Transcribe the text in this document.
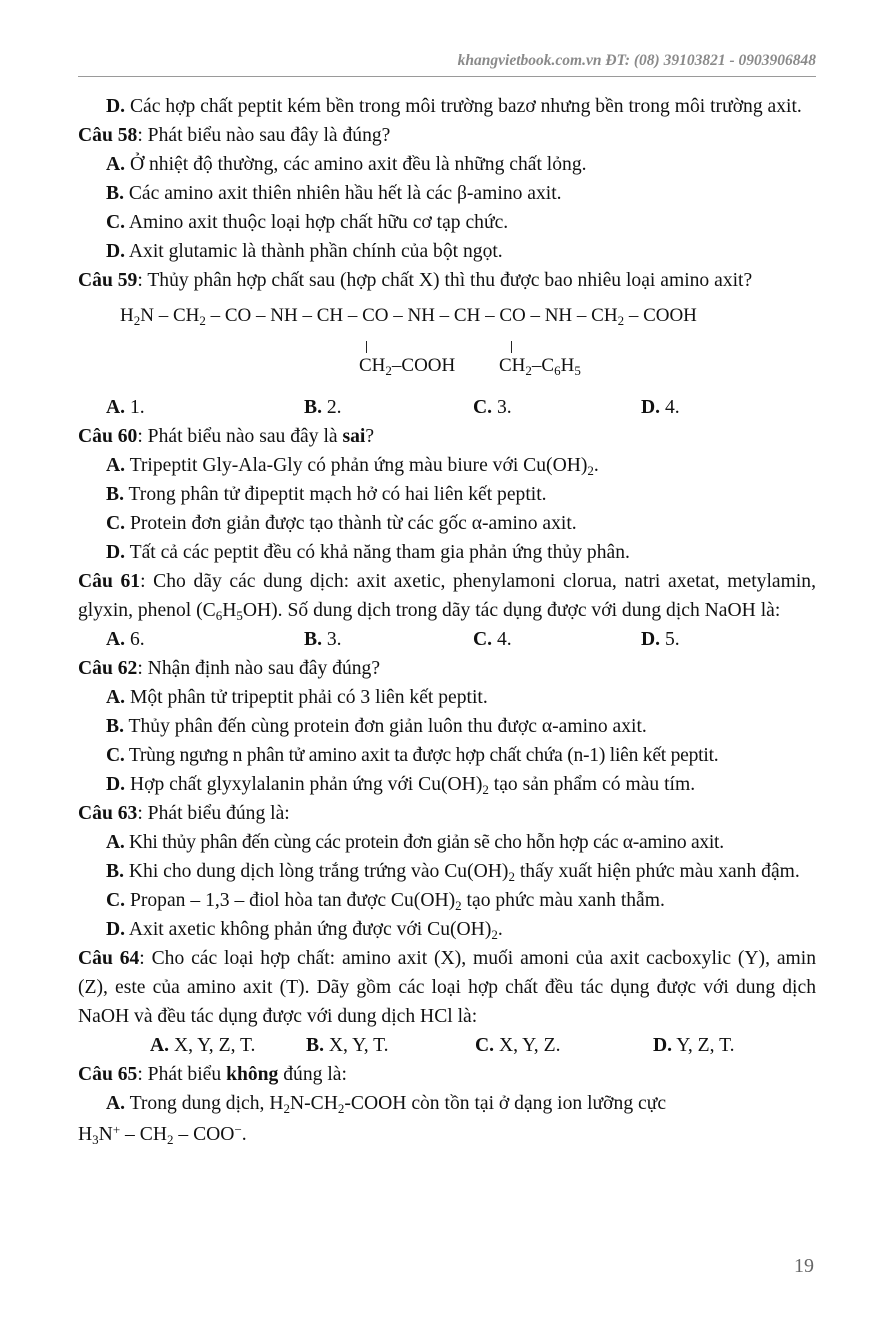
khangvietbook.com.vn ĐT: (08) 39103821 - 0903906848

D. Các hợp chất peptit kém bền trong môi trường bazơ nhưng bền trong môi trường axit.

Câu 58: Phát biểu nào sau đây là đúng?

A. Ở nhiệt độ thường, các amino axit đều là những chất lỏng.

B. Các amino axit thiên nhiên hầu hết là các β-amino axit.

C. Amino axit thuộc loại hợp chất hữu cơ tạp chức.

D. Axit glutamic là thành phần chính của bột ngọt.

Câu 59: Thủy phân hợp chất sau (hợp chất X) thì thu được bao nhiêu loại amino axit?

$H_2N - CH_2$ – CO – NH – CH – CO – NH – CH – CO – NH – $CH_2$ – COOH
$CH_2$–COOH $CH_2-C_6H_5$
A. 1.	B. 2.	C. 3.	D. 4.

Câu 60: Phát biểu nào sau đây là sai?

A. Tripeptit Gly-Ala-Gly có phản ứng màu biure với $Cu(OH)_2$.

B. Trong phân tử đipeptit mạch hở có hai liên kết peptit.

C. Protein đơn giản được tạo thành từ các gốc α-amino axit.

D. Tất cả các peptit đều có khả năng tham gia phản ứng thủy phân.

Câu 61: Cho dãy các dung dịch: axit axetic, phenylamoni clorua, natri axetat, metylamin, glyxin, phenol $(C_6H_5OH)$. Số dung dịch trong dãy tác dụng được với dung dịch NaOH là:

A. 6.	B. 3.	C. 4.	D. 5.

Câu 62: Nhận định nào sau đây đúng?

A. Một phân tử tripeptit phải có 3 liên kết peptit.

B. Thủy phân đến cùng protein đơn giản luôn thu được α-amino axit.

C. Trùng ngưng n phân tử amino axit ta được hợp chất chứa (n-1) liên kết peptit.

D. Hợp chất glyxylalanin phản ứng với $Cu(OH)_2$ tạo sản phẩm có màu tím.

Câu 63: Phát biểu đúng là:

A. Khi thủy phân đến cùng các protein đơn giản sẽ cho hỗn hợp các α-amino axit.

B. Khi cho dung dịch lòng trắng trứng vào $Cu(OH)_2$ thấy xuất hiện phức màu xanh đậm.

C. Propan – 1,3 – điol hòa tan được $Cu(OH)_2$ tạo phức màu xanh thẫm.

D. Axit axetic không phản ứng được với $Cu(OH)_2$.

Câu 64: Cho các loại hợp chất: amino axit (X), muối amoni của axit cacboxylic (Y), amin (Z), este của amino axit (T). Dãy gồm các loại hợp chất đều tác dụng được với dung dịch NaOH và đều tác dụng được với dung dịch HCl là:

A. X, Y, Z, T.	B. X, Y, T.	C. X, Y, Z.	D. Y, Z, T.

Câu 65: Phát biểu không đúng là:

A. Trong dung dịch, $H_2N-CH_2$-COOH còn tồn tại ở dạng ion lưỡng cực

$H_3N^+ - CH_2 - COO^-$.

19
